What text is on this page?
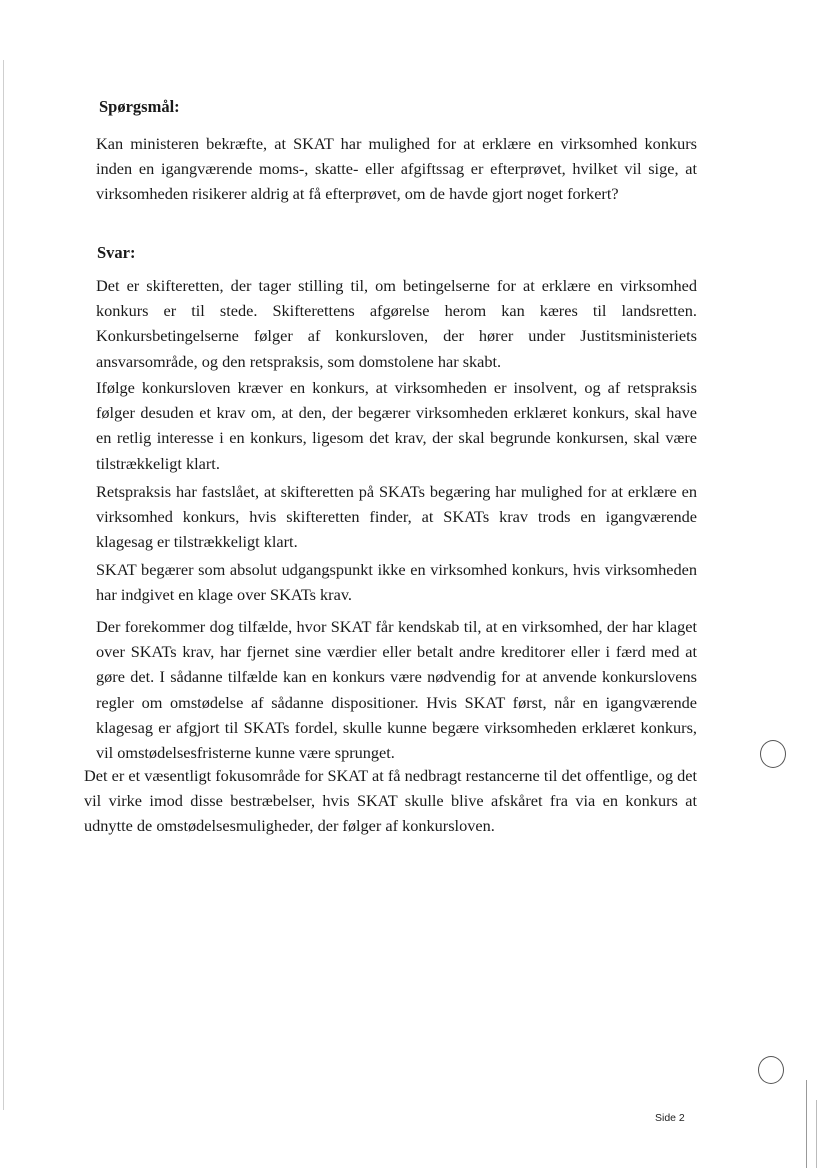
Spørgsmål:

Kan ministeren bekræfte, at SKAT har mulighed for at erklære en virksomhed konkurs inden en igangværende moms-, skatte- eller afgiftssag er efterprøvet, hvilket vil sige, at virksomheden risikerer aldrig at få efterprøvet, om de havde gjort noget forkert?

Svar:

Det er skifteretten, der tager stilling til, om betingelserne for at erklære en virksomhed konkurs er til stede. Skifterettens afgørelse herom kan kæres til landsretten. Konkursbetingelserne følger af konkursloven, der hører under Justitsministeriets ansvarsområde, og den retspraksis, som domstolene har skabt.

Ifølge konkursloven kræver en konkurs, at virksomheden er insolvent, og af retspraksis følger desuden et krav om, at den, der begærer virksomheden erklæret konkurs, skal have en retlig interesse i en konkurs, ligesom det krav, der skal begrunde konkursen, skal være tilstrækkeligt klart.

Retspraksis har fastslået, at skifteretten på SKATs begæring har mulighed for at erklære en virksomhed konkurs, hvis skifteretten finder, at SKATs krav trods en igangværende klagesag er tilstrækkeligt klart.

SKAT begærer som absolut udgangspunkt ikke en virksomhed konkurs, hvis virksomheden har indgivet en klage over SKATs krav.

Der forekommer dog tilfælde, hvor SKAT får kendskab til, at en virksomhed, der har klaget over SKATs krav, har fjernet sine værdier eller betalt andre kreditorer eller i færd med at gøre det. I sådanne tilfælde kan en konkurs være nødvendig for at anvende konkurslovens regler om omstødelse af sådanne dispositioner. Hvis SKAT først, når en igangværende klagesag er afgjort til SKATs fordel, skulle kunne begære virksomheden erklæret konkurs, vil omstødelsesfristerne kunne være sprunget.

Det er et væsentligt fokusområde for SKAT at få nedbragt restancerne til det offentlige, og det vil virke imod disse bestræbelser, hvis SKAT skulle blive afskåret fra via en konkurs at udnytte de omstødelsesmuligheder, der følger af konkursloven.

Side 2
